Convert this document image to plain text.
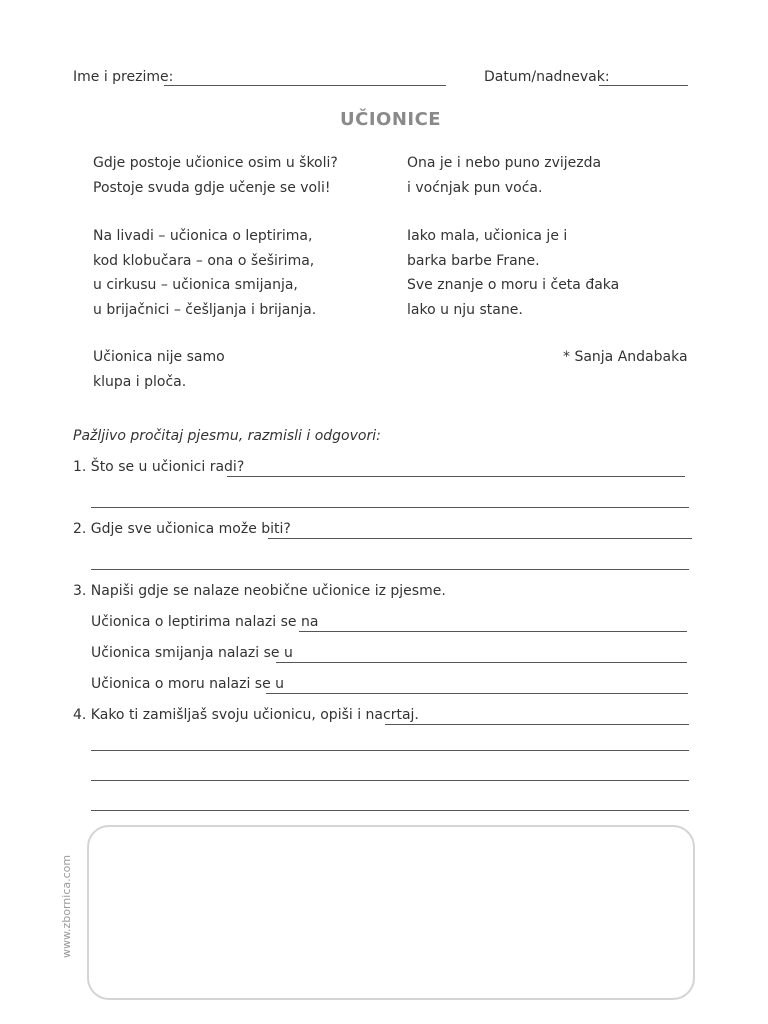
Ime i prezime:	Datum/nadnevak:
UČIONICE
Gdje postoje učionice osim u školi?
Postoje svuda gdje učenje se voli!
Na livadi – učionica o leptirima,
kod klobučara – ona o šeširima,
u cirkusu – učionica smijanja,
u brijačnici – češljanja i brijanja.
Učionica nije samo
klupa i ploča.
Ona je i nebo puno zvijezda
i voćnjak pun voća.
Iako mala, učionica je i
barka barbe Frane.
Sve znanje o moru i četa đaka
lako u nju stane.
* Sanja Andabaka
Pažljivo pročitaj pjesmu, razmisli i odgovori:
1. Što se u učionici radi?
2. Gdje sve učionica može biti?
3. Napiši gdje se nalaze neobične učionice iz pjesme.
Učionica o leptirima nalazi se na
Učionica smijanja nalazi se u
Učionica o moru nalazi se u
4. Kako ti zamišljaš svoju učionicu, opiši i nacrtaj.
www.zbornica.com
